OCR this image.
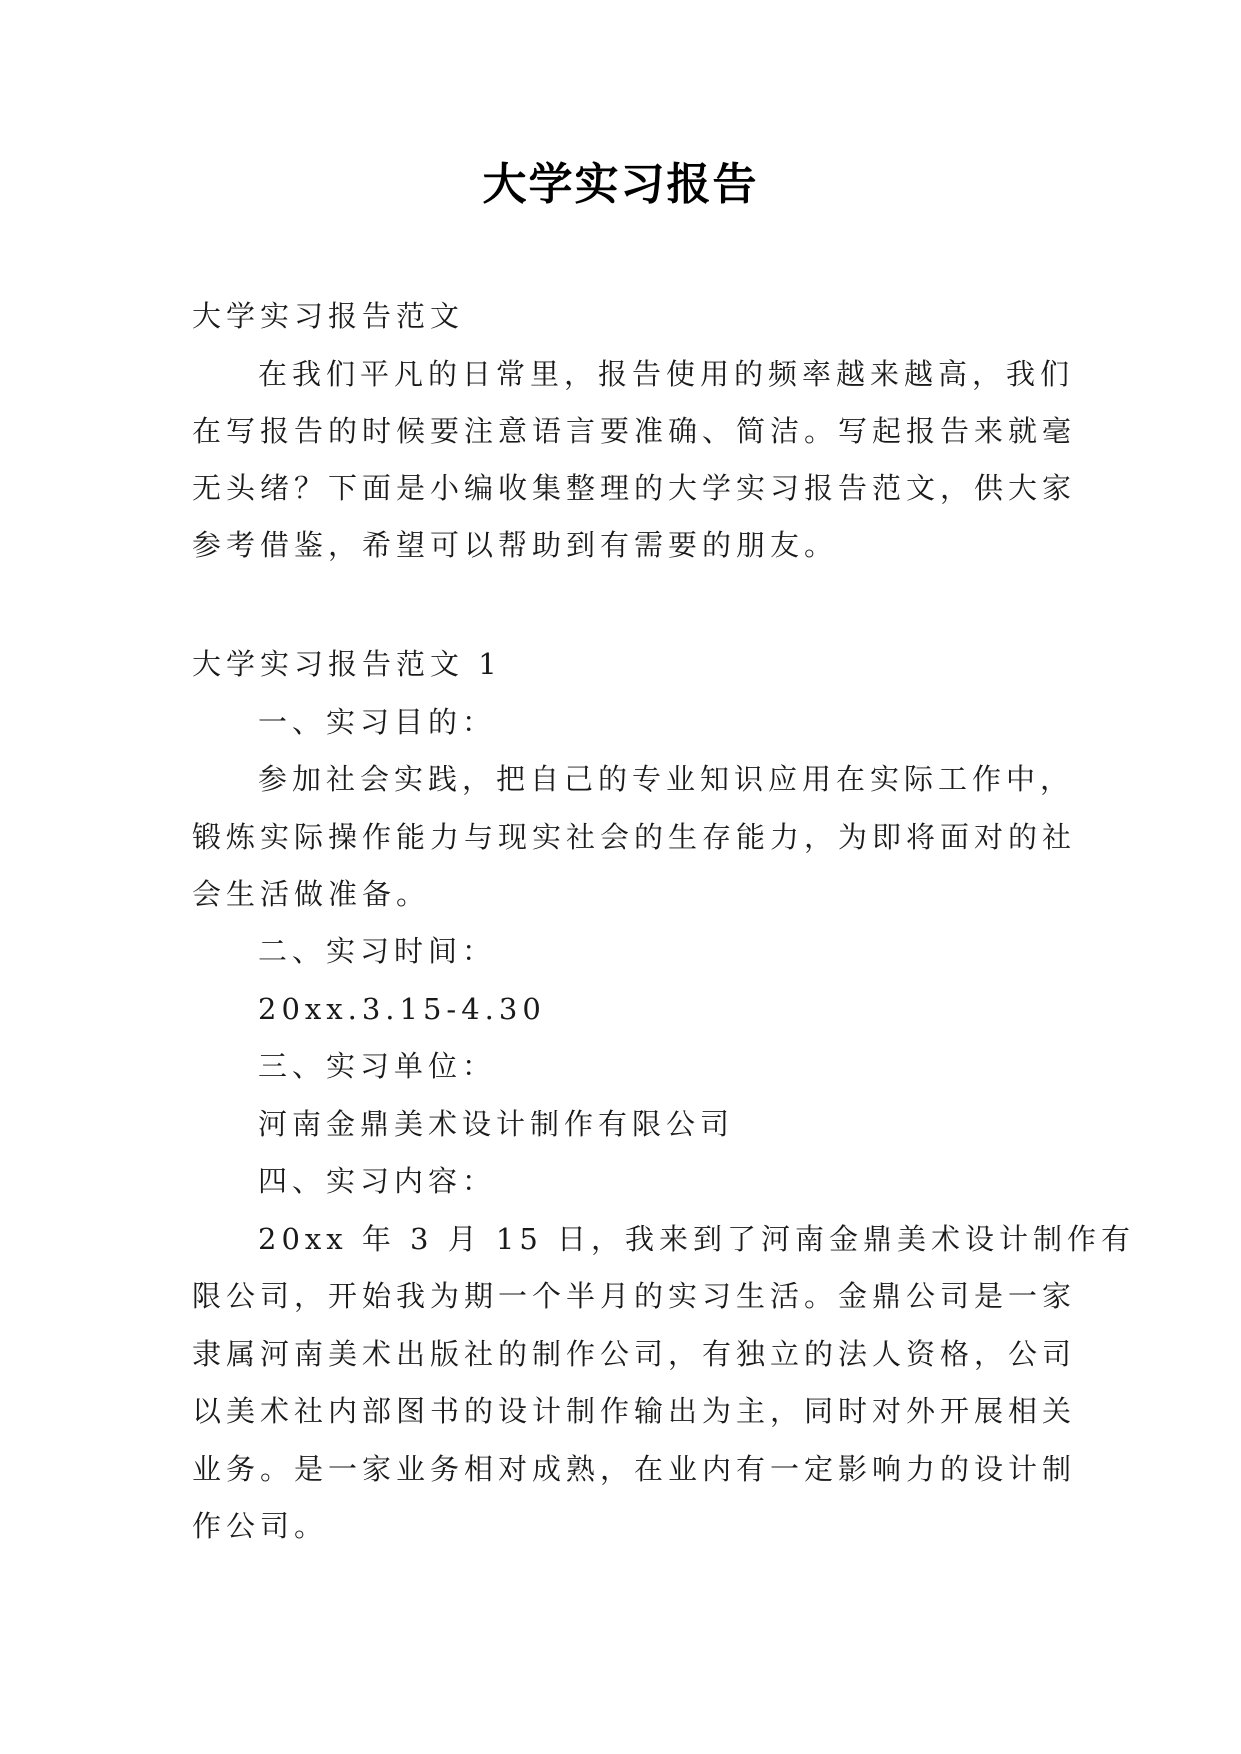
大学实习报告
大学实习报告范文
在我们平凡的日常里，报告使用的频率越来越高，我们
在写报告的时候要注意语言要准确、简洁。写起报告来就毫
无头绪？下面是小编收集整理的大学实习报告范文，供大家
参考借鉴，希望可以帮助到有需要的朋友。
大学实习报告范文 1
一、实习目的：
参加社会实践，把自己的专业知识应用在实际工作中，
锻炼实际操作能力与现实社会的生存能力，为即将面对的社
会生活做准备。
二、实习时间：
20xx.3.15-4.30
三、实习单位：
河南金鼎美术设计制作有限公司
四、实习内容：
20xx 年 3 月 15 日，我来到了河南金鼎美术设计制作有
限公司，开始我为期一个半月的实习生活。金鼎公司是一家
隶属河南美术出版社的制作公司，有独立的法人资格，公司
以美术社内部图书的设计制作输出为主，同时对外开展相关
业务。是一家业务相对成熟，在业内有一定影响力的设计制
作公司。
